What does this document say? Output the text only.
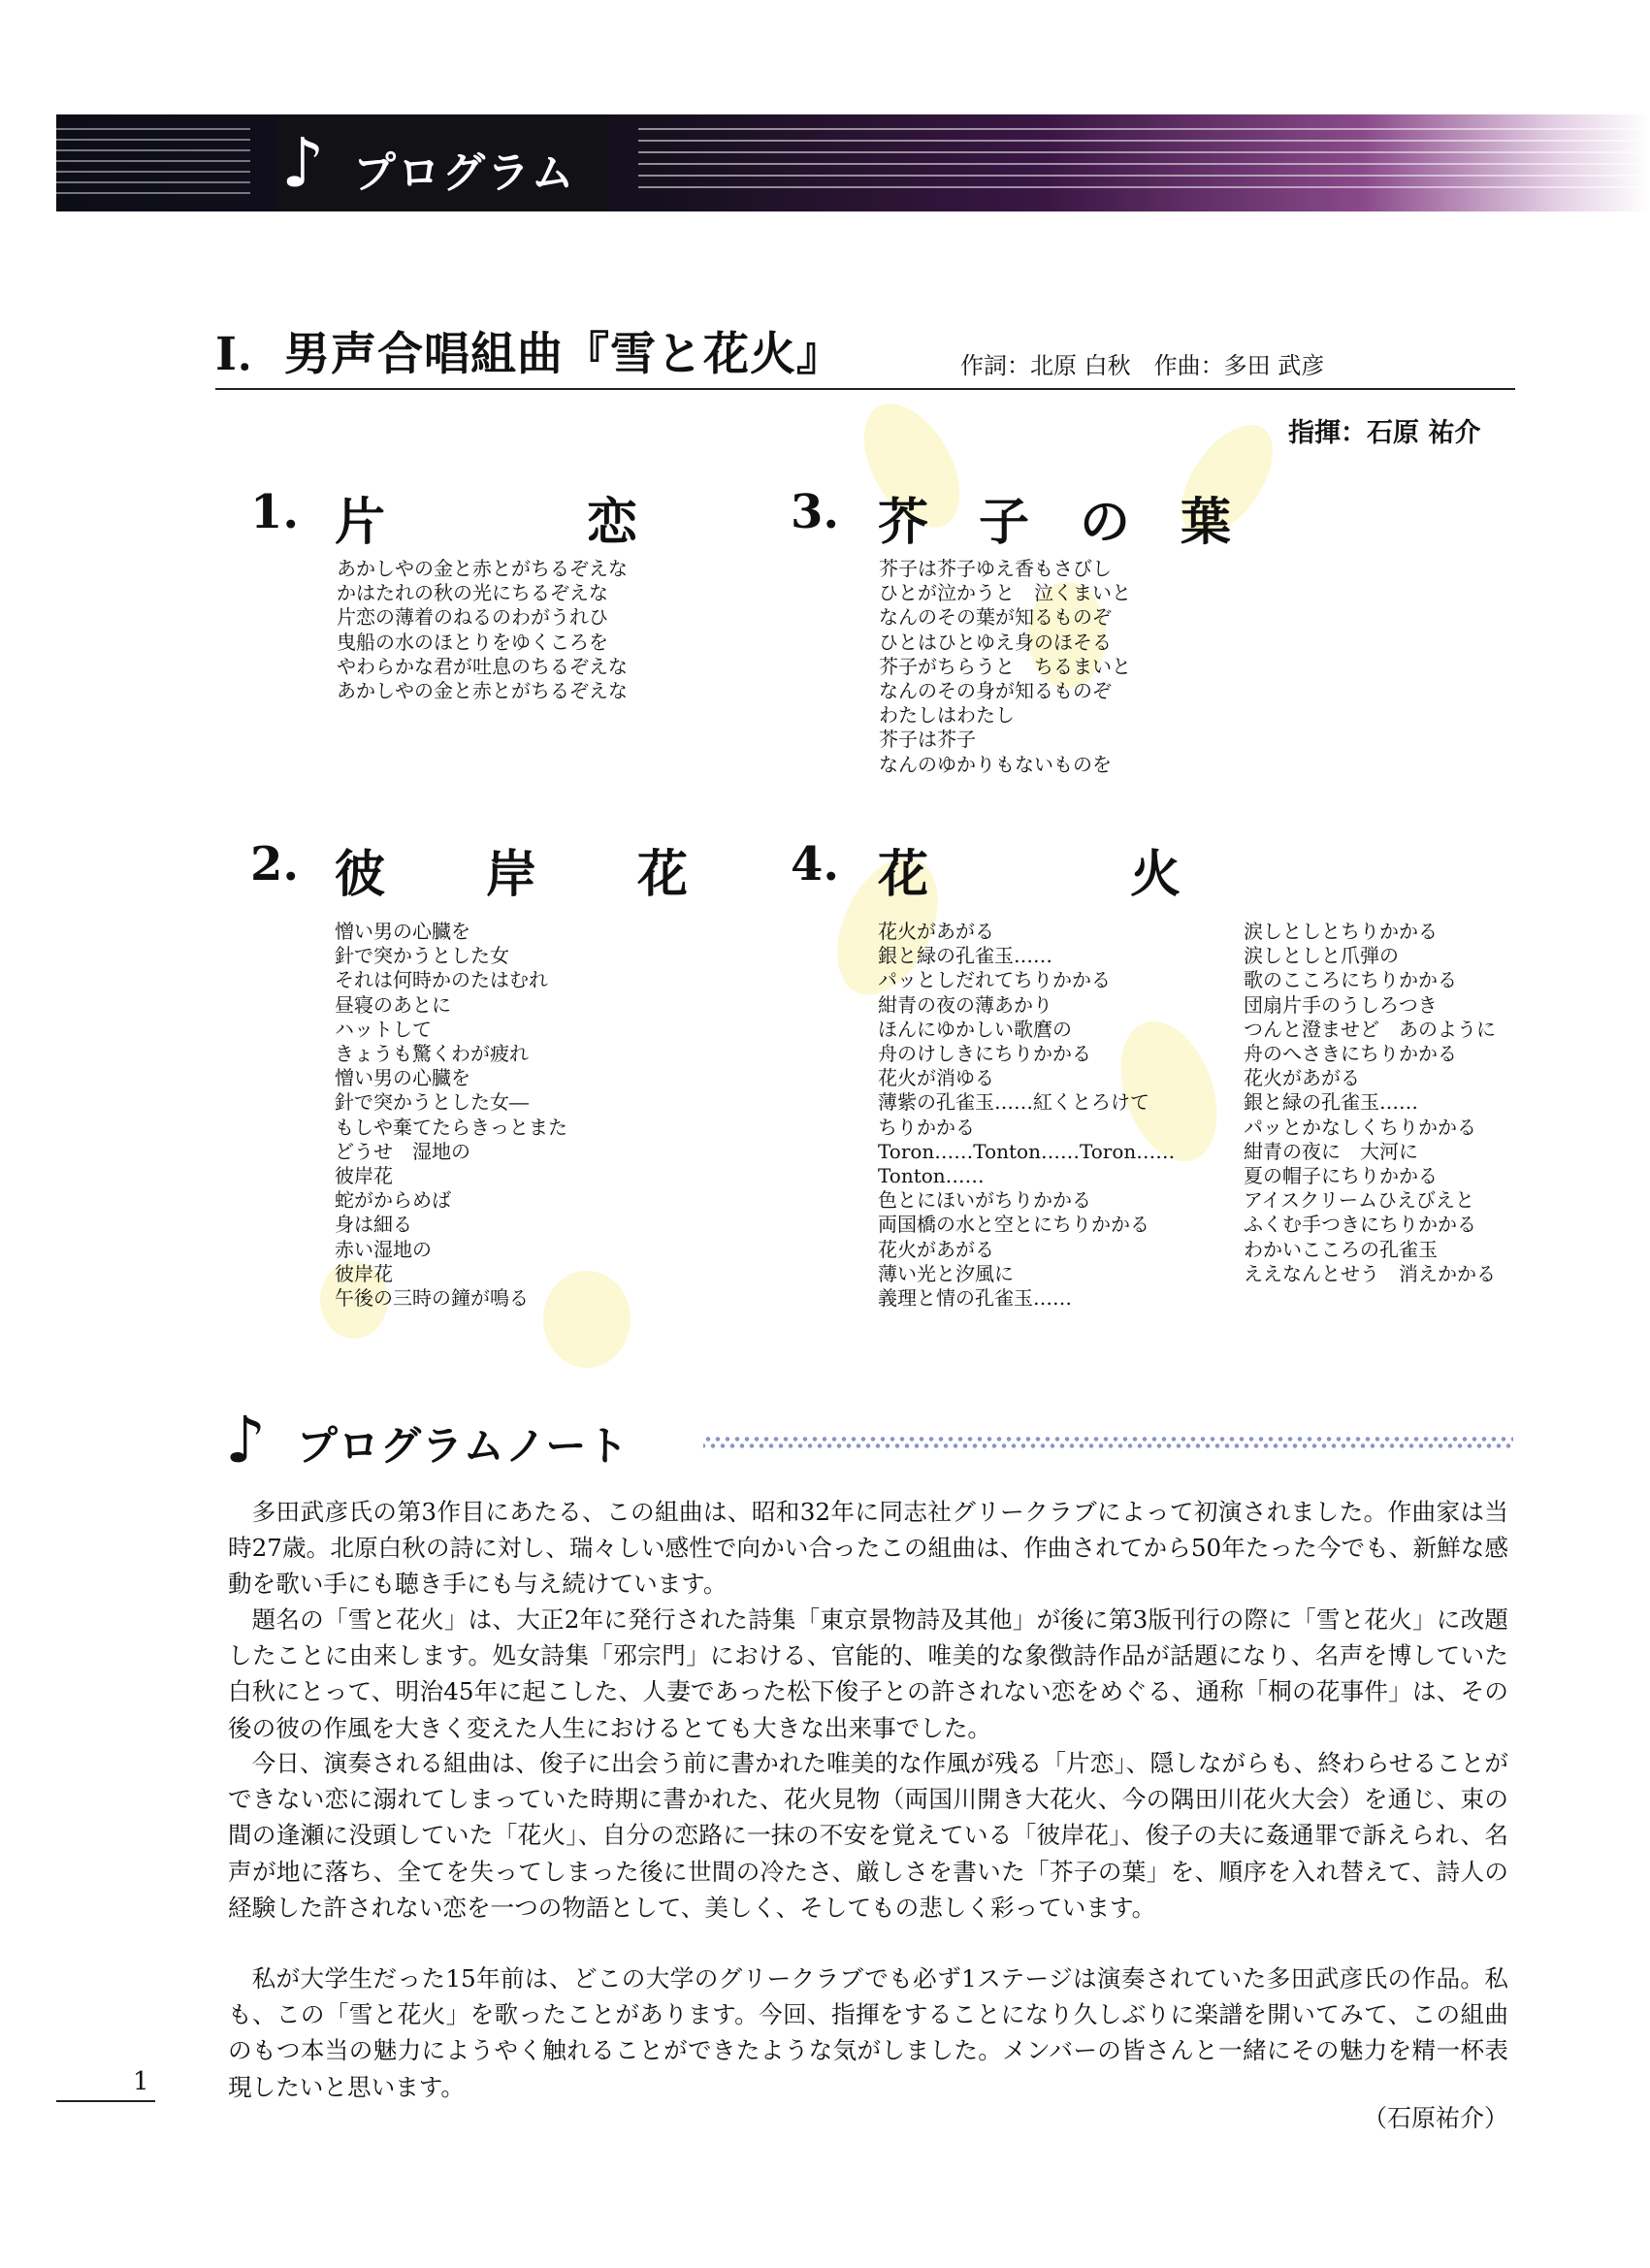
♪ プログラム
Ⅰ．男声合唱組曲『雪と花火』	作詞：北原 白秋　作曲：多田 武彦
指揮：石原 祐介
1. 片　　　　恋
あかしやの金と赤とがちるぞえな
かはたれの秋の光にちるぞえな
片恋の薄着のねるのわがうれひ
曳船の水のほとりをゆくころを
やわらかな君が吐息のちるぞえな
あかしやの金と赤とがちるぞえな
3. 芥　子　の　葉
芥子は芥子ゆえ香もさびし
ひとが泣かうと　泣くまいと
なんのその葉が知るものぞ
ひとはひとゆえ身のほそる
芥子がちらうと　ちるまいと
なんのその身が知るものぞ
わたしはわたし
芥子は芥子
なんのゆかりもないものを
2. 彼　　岸　　花
憎い男の心臓を
針で突かうとした女
それは何時かのたはむれ
昼寝のあとに
ハットして
きょうも驚くわが疲れ
憎い男の心臓を
針で突かうとした女―
もしや棄てたらきっとまた
どうせ　湿地の
彼岸花
蛇がからめば
身は細る
赤い湿地の
彼岸花
午後の三時の鐘が鳴る
4. 花　　　　火
花火があがる
銀と緑の孔雀玉……
パッとしだれてちりかかる
紺青の夜の薄あかり
ほんにゆかしい歌麿の
舟のけしきにちりかかる
花火が消ゆる
薄紫の孔雀玉……紅くとろけて
ちりかかる
Toron……Tonton……Toron……
Tonton……
色とにほいがちりかかる
両国橋の水と空とにちりかかる
花火があがる
薄い光と汐風に
義理と情の孔雀玉……
涙しとしとちりかかる
涙しとしと爪弾の
歌のこころにちりかかる
団扇片手のうしろつき
つんと澄ませど　あのように
舟のへさきにちりかかる
花火があがる
銀と緑の孔雀玉……
パッとかなしくちりかかる
紺青の夜に　大河に
夏の帽子にちりかかる
アイスクリームひえびえと
ふくむ手つきにちりかかる
わかいこころの孔雀玉
ええなんとせう　消えかかる
♪ プログラムノート

多田武彦氏の第3作目にあたる、この組曲は、昭和32年に同志社グリークラブによって初演されました。作曲家は当時27歳。北原白秋の詩に対し、瑞々しい感性で向かい合ったこの組曲は、作曲されてから50年たった今でも、新鮮な感動を歌い手にも聴き手にも与え続けています。

題名の「雪と花火」は、大正2年に発行された詩集「東京景物詩及其他」が後に第3版刊行の際に「雪と花火」に改題したことに由来します。処女詩集「邪宗門」における、官能的、唯美的な象徴詩作品が話題になり、名声を博していた白秋にとって、明治45年に起こした、人妻であった松下俊子との許されない恋をめぐる、通称「桐の花事件」は、その後の彼の作風を大きく変えた人生におけるとても大きな出来事でした。

今日、演奏される組曲は、俊子に出会う前に書かれた唯美的な作風が残る「片恋」、隠しながらも、終わらせることができない恋に溺れてしまっていた時期に書かれた、花火見物（両国川開き大花火、今の隅田川花火大会）を通じ、束の間の逢瀬に没頭していた「花火」、自分の恋路に一抹の不安を覚えている「彼岸花」、俊子の夫に姦通罪で訴えられ、名声が地に落ち、全てを失ってしまった後に世間の冷たさ、厳しさを書いた「芥子の葉」を、順序を入れ替えて、詩人の経験した許されない恋を一つの物語として、美しく、そしてもの悲しく彩っています。

私が大学生だった15年前は、どこの大学のグリークラブでも必ず1ステージは演奏されていた多田武彦氏の作品。私も、この「雪と花火」を歌ったことがあります。今回、指揮をすることになり久しぶりに楽譜を開いてみて、この組曲のもつ本当の魅力にようやく触れることができたような気がしました。メンバーの皆さんと一緒にその魅力を精一杯表現したいと思います。

（石原祐介）
1
